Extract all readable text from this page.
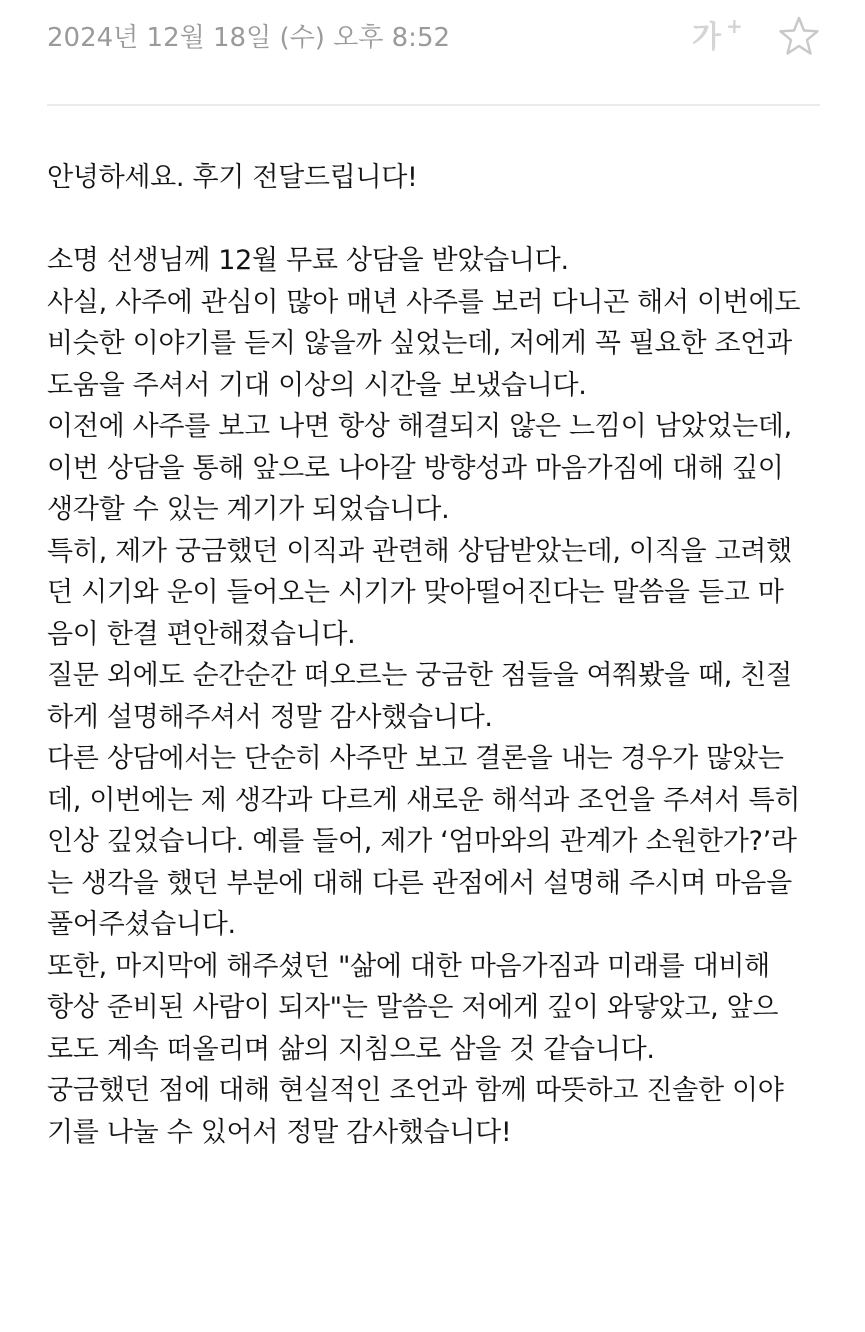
2024년 12월 18일 (수) 오후 8:52	가 +
안녕하세요. 후기 전달드립니다!
소명 선생님께 12월 무료 상담을 받았습니다.
사실, 사주에 관심이 많아 매년 사주를 보러 다니곤 해서 이번에도
비슷한 이야기를 듣지 않을까 싶었는데, 저에게 꼭 필요한 조언과
도움을 주셔서 기대 이상의 시간을 보냈습니다.
이전에 사주를 보고 나면 항상 해결되지 않은 느낌이 남았었는데,
이번 상담을 통해 앞으로 나아갈 방향성과 마음가짐에 대해 깊이
생각할 수 있는 계기가 되었습니다.
특히, 제가 궁금했던 이직과 관련해 상담받았는데, 이직을 고려했
던 시기와 운이 들어오는 시기가 맞아떨어진다는 말씀을 듣고 마
음이 한결 편안해졌습니다.
질문 외에도 순간순간 떠오르는 궁금한 점들을 여쭤봤을 때, 친절
하게 설명해주셔서 정말 감사했습니다.
다른 상담에서는 단순히 사주만 보고 결론을 내는 경우가 많았는
데, 이번에는 제 생각과 다르게 새로운 해석과 조언을 주셔서 특히
인상 깊었습니다. 예를 들어, 제가 ‘엄마와의 관계가 소원한가?’라
는 생각을 했던 부분에 대해 다른 관점에서 설명해 주시며 마음을
풀어주셨습니다.
또한, 마지막에 해주셨던 "삶에 대한 마음가짐과 미래를 대비해
항상 준비된 사람이 되자"는 말씀은 저에게 깊이 와닿았고, 앞으
로도 계속 떠올리며 삶의 지침으로 삼을 것 같습니다.
궁금했던 점에 대해 현실적인 조언과 함께 따뜻하고 진솔한 이야
기를 나눌 수 있어서 정말 감사했습니다!
